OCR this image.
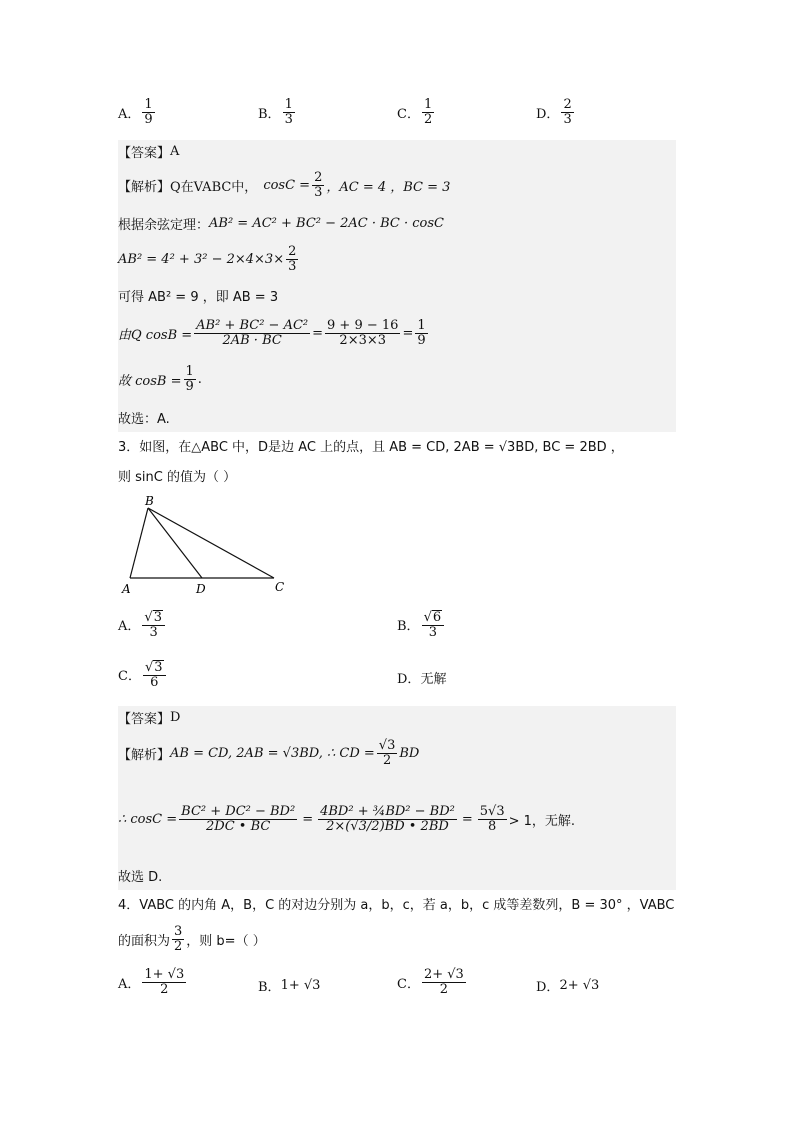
A． $\frac{1}{9}$	B． $\frac{1}{3}$	C． $\frac{1}{2}$	D． $\frac{2}{3}$
【答案】 A
【解析】 Q在VABC中， $\cos C = \frac{2}{3}$ ，AC = 4 ，BC = 3
根据余弦定理： AB² = AC² + BC² − 2AC · BC · cosC
$AB^2 = 4^2 + 3^2 - 2\times 4\times 3\times \frac{2}{3}$
可得 AB² = 9 ，即 AB = 3
由Q $\cos B = \frac{\text{AB² + BC² − AC²}}{2AB \cdot BC} = \frac{9 + 9 - 16}{2\times 3\times 3} = \frac{1}{9}$
故 $\cos B = \frac{1}{9}$ .
故选：A.
3．如图，在△ABC 中，D是边 AC 上的点，且 AB = CD, 2AB = √3BD, BC = 2BD ，
则 sinC 的值为（ ）
B
A	D	C
A． $\frac{√ 3}{3}$	B． $\frac{√ 6}{3}$
C． $\frac{√ 3}{6}$	D． 无解
【答案】 D
【解析】 AB = CD, 2AB = √3BD, ∴ CD = $\frac{√3}{2}$ BD
∴ $\cos C = \frac{\text{BC² + DC² − BD²}}{2DC • BC} = \frac{\text{4BD² + ¾BD² − BD²}}{2\times(√3/2)BD • 2BD} = \frac{5√3}{8} > 1$，无解.
故选 D.
4．VABC 的内角 A，B，C 的对边分别为 a，b，c，若 a，b，c 成等差数列，B = 30° ，VABC
的面积为 $\frac{3}{2}$ ，则 b=（ ）
A． $\frac{1+ √3}{2}$	B． 1+ √3	C． $\frac{2+ √3}{2}$	D． 2+ √3
